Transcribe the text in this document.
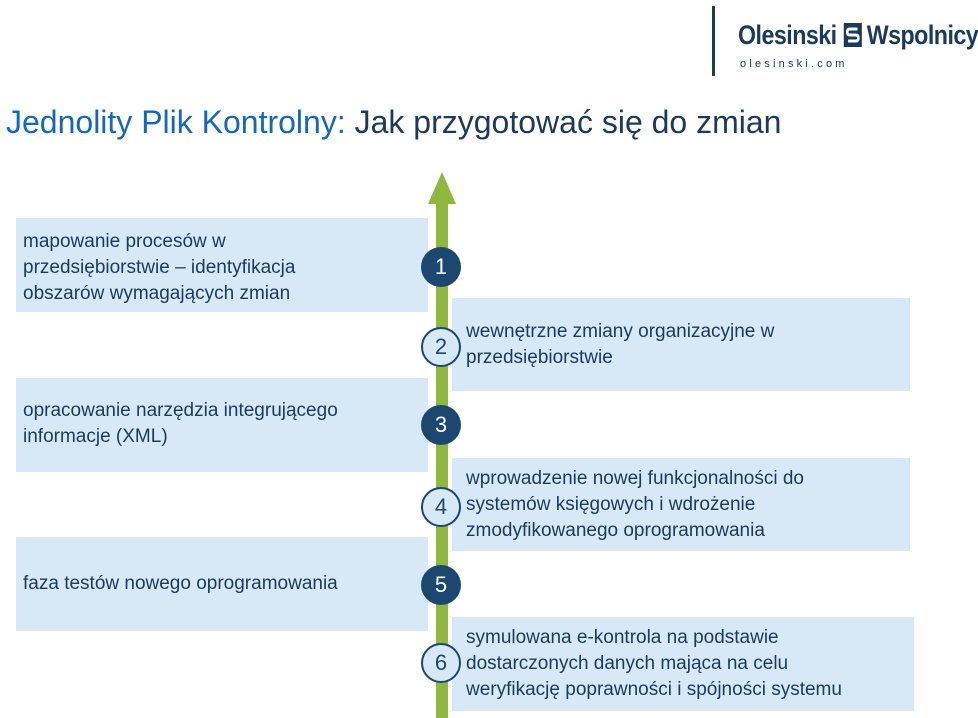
Olesinski Wspolnicy
olesinski.com
Jednolity Plik Kontrolny: Jak przygotować się do zmian
mapowanie procesów w
przedsiębiorstwie – identyfikacja
obszarów wymagających zmian
1
wewnętrzne zmiany organizacyjne w
przedsiębiorstwie
2
opracowanie narzędzia integrującego
informacje (XML)	3
wprowadzenie nowej funkcjonalności do
systemów księgowych i wdrożenie
zmodyfikowanego oprogramowania
4
faza testów nowego oprogramowania	5
symulowana e-kontrola na podstawie
dostarczonych danych mająca na celu
weryfikację poprawności i spójności systemu
6
